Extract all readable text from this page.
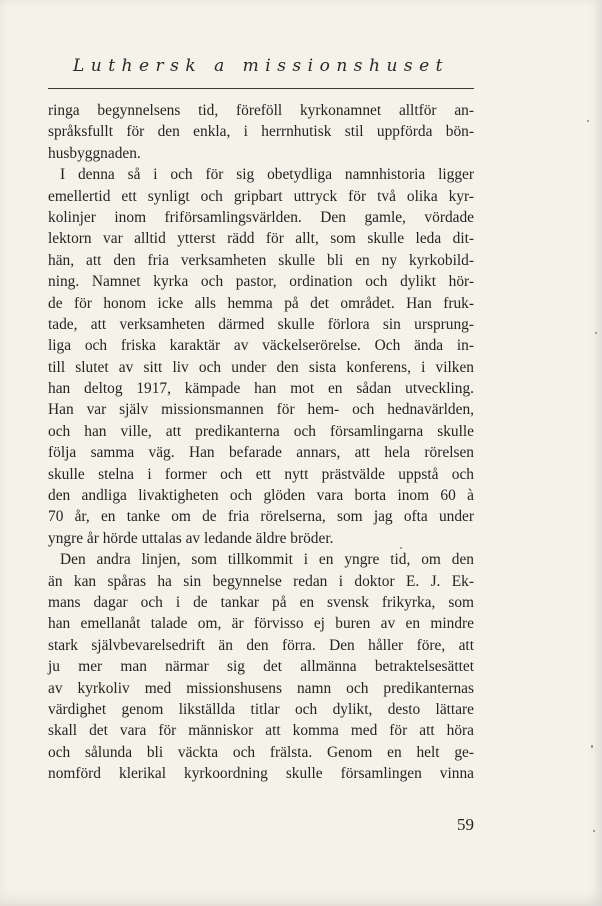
Luthersk a missionshuset
ringa begynnelsens tid, föreföll kyrkonamnet alltför an-
språksfullt för den enkla, i herrnhutisk stil uppförda bön-
husbyggnaden.
I denna så i och för sig obetydliga namnhistoria ligger
emellertid ett synligt och gripbart uttryck för två olika kyr-
kolinjer inom friförsamlingsvärlden. Den gamle, vördade
lektorn var alltid ytterst rädd för allt, som skulle leda dit-
hän, att den fria verksamheten skulle bli en ny kyrkobild-
ning. Namnet kyrka och pastor, ordination och dylikt hör-
de för honom icke alls hemma på det området. Han fruk-
tade, att verksamheten därmed skulle förlora sin ursprung-
liga och friska karaktär av väckelserörelse. Och ända in-
till slutet av sitt liv och under den sista konferens, i vilken
han deltog 1917, kämpade han mot en sådan utveckling.
Han var själv missionsmannen för hem- och hednavärlden,
och han ville, att predikanterna och församlingarna skulle
följa samma väg. Han befarade annars, att hela rörelsen
skulle stelna i former och ett nytt prästvälde uppstå och
den andliga livaktigheten och glöden vara borta inom 60 à
70 år, en tanke om de fria rörelserna, som jag ofta under
yngre år hörde uttalas av ledande äldre bröder.
Den andra linjen, som tillkommit i en yngre tid, om den
än kan spåras ha sin begynnelse redan i doktor E. J. Ek-
mans dagar och i de tankar på en svensk frikyrka, som
han emellanåt talade om, är förvisso ej buren av en mindre
stark självbevarelsedrift än den förra. Den håller före, att
ju mer man närmar sig det allmänna betraktelsesättet
av kyrkoliv med missionshusens namn och predikanternas
värdighet genom likställda titlar och dylikt, desto lättare
skall det vara för människor att komma med för att höra
och sålunda bli väckta och frälsta. Genom en helt ge-
nomförd klerikal kyrkoordning skulle församlingen vinna
59
